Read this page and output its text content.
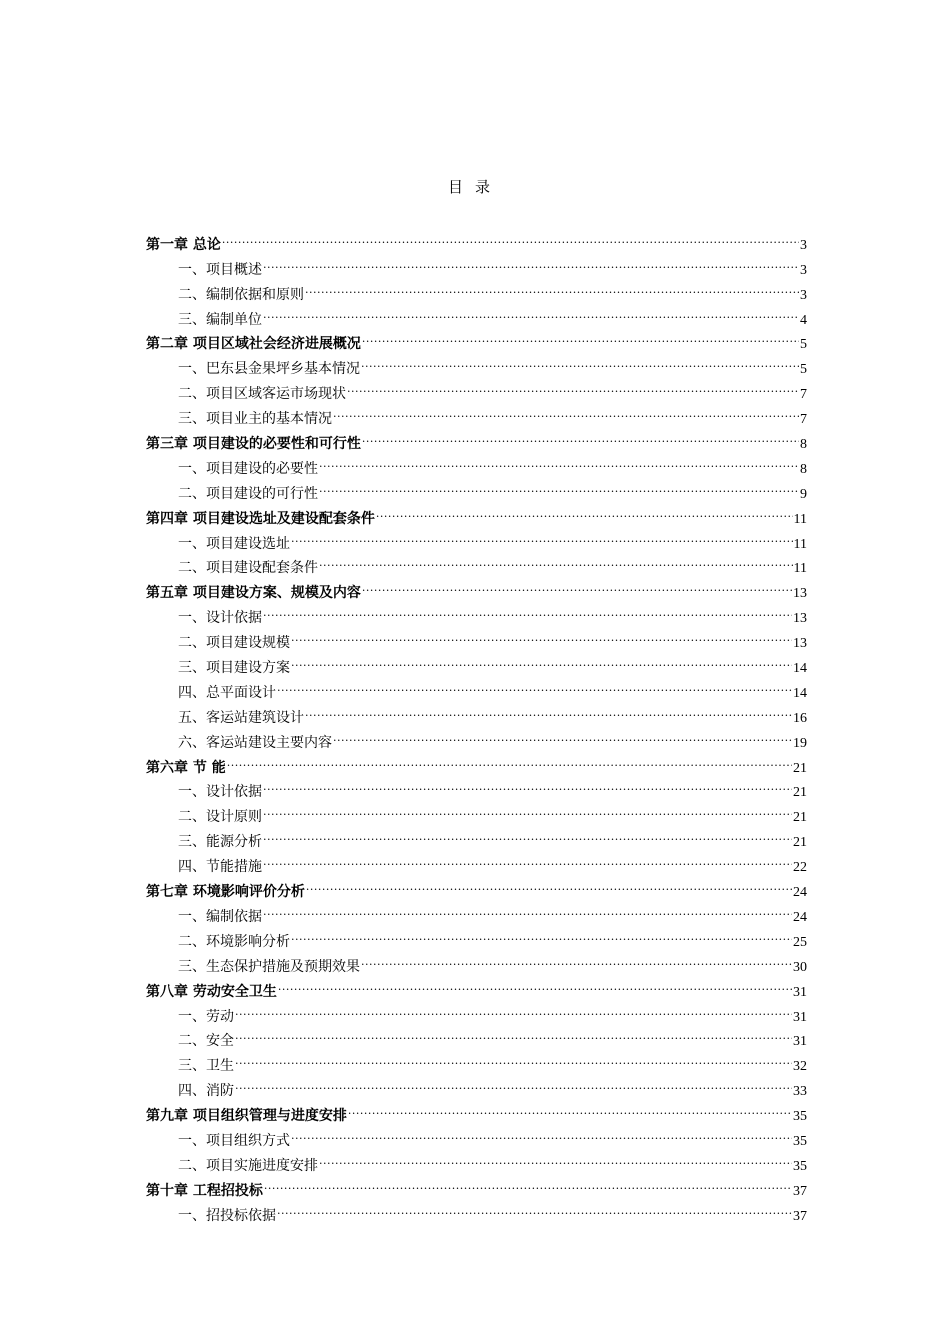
目录
第一章 总论 .....	3
一、项目概述 .....	3
二、编制依据和原则 .....	3
三、编制单位 .....	4
第二章 项目区域社会经济进展概况 .....	5
一、巴东县金果坪乡基本情况 .....	5
二、项目区域客运市场现状 .....	7
三、项目业主的基本情况 .....	7
第三章 项目建设的必要性和可行性 .....	8
一、项目建设的必要性 .....	8
二、项目建设的可行性 .....	9
第四章 项目建设选址及建设配套条件 .....	11
一、项目建设选址 .....	11
二、项目建设配套条件 .....	11
第五章 项目建设方案、规模及内容 .....	13
一、设计依据 .....	13
二、项目建设规模 .....	13
三、项目建设方案 .....	14
四、总平面设计 .....	14
五、客运站建筑设计 .....	16
六、客运站建设主要内容 .....	19
第六章 节 能 .....	21
一、设计依据 .....	21
二、设计原则 .....	21
三、能源分析 .....	21
四、节能措施 .....	22
第七章 环境影响评价分析 .....	24
一、编制依据 .....	24
二、环境影响分析 .....	25
三、生态保护措施及预期效果 .....	30
第八章 劳动安全卫生 .....	31
一、劳动 .....	31
二、安全 .....	31
三、卫生 .....	32
四、消防 .....	33
第九章 项目组织管理与进度安排 .....	35
一、项目组织方式 .....	35
二、项目实施进度安排 .....	35
第十章 工程招投标 .....	37
一、招投标依据 .....	37
